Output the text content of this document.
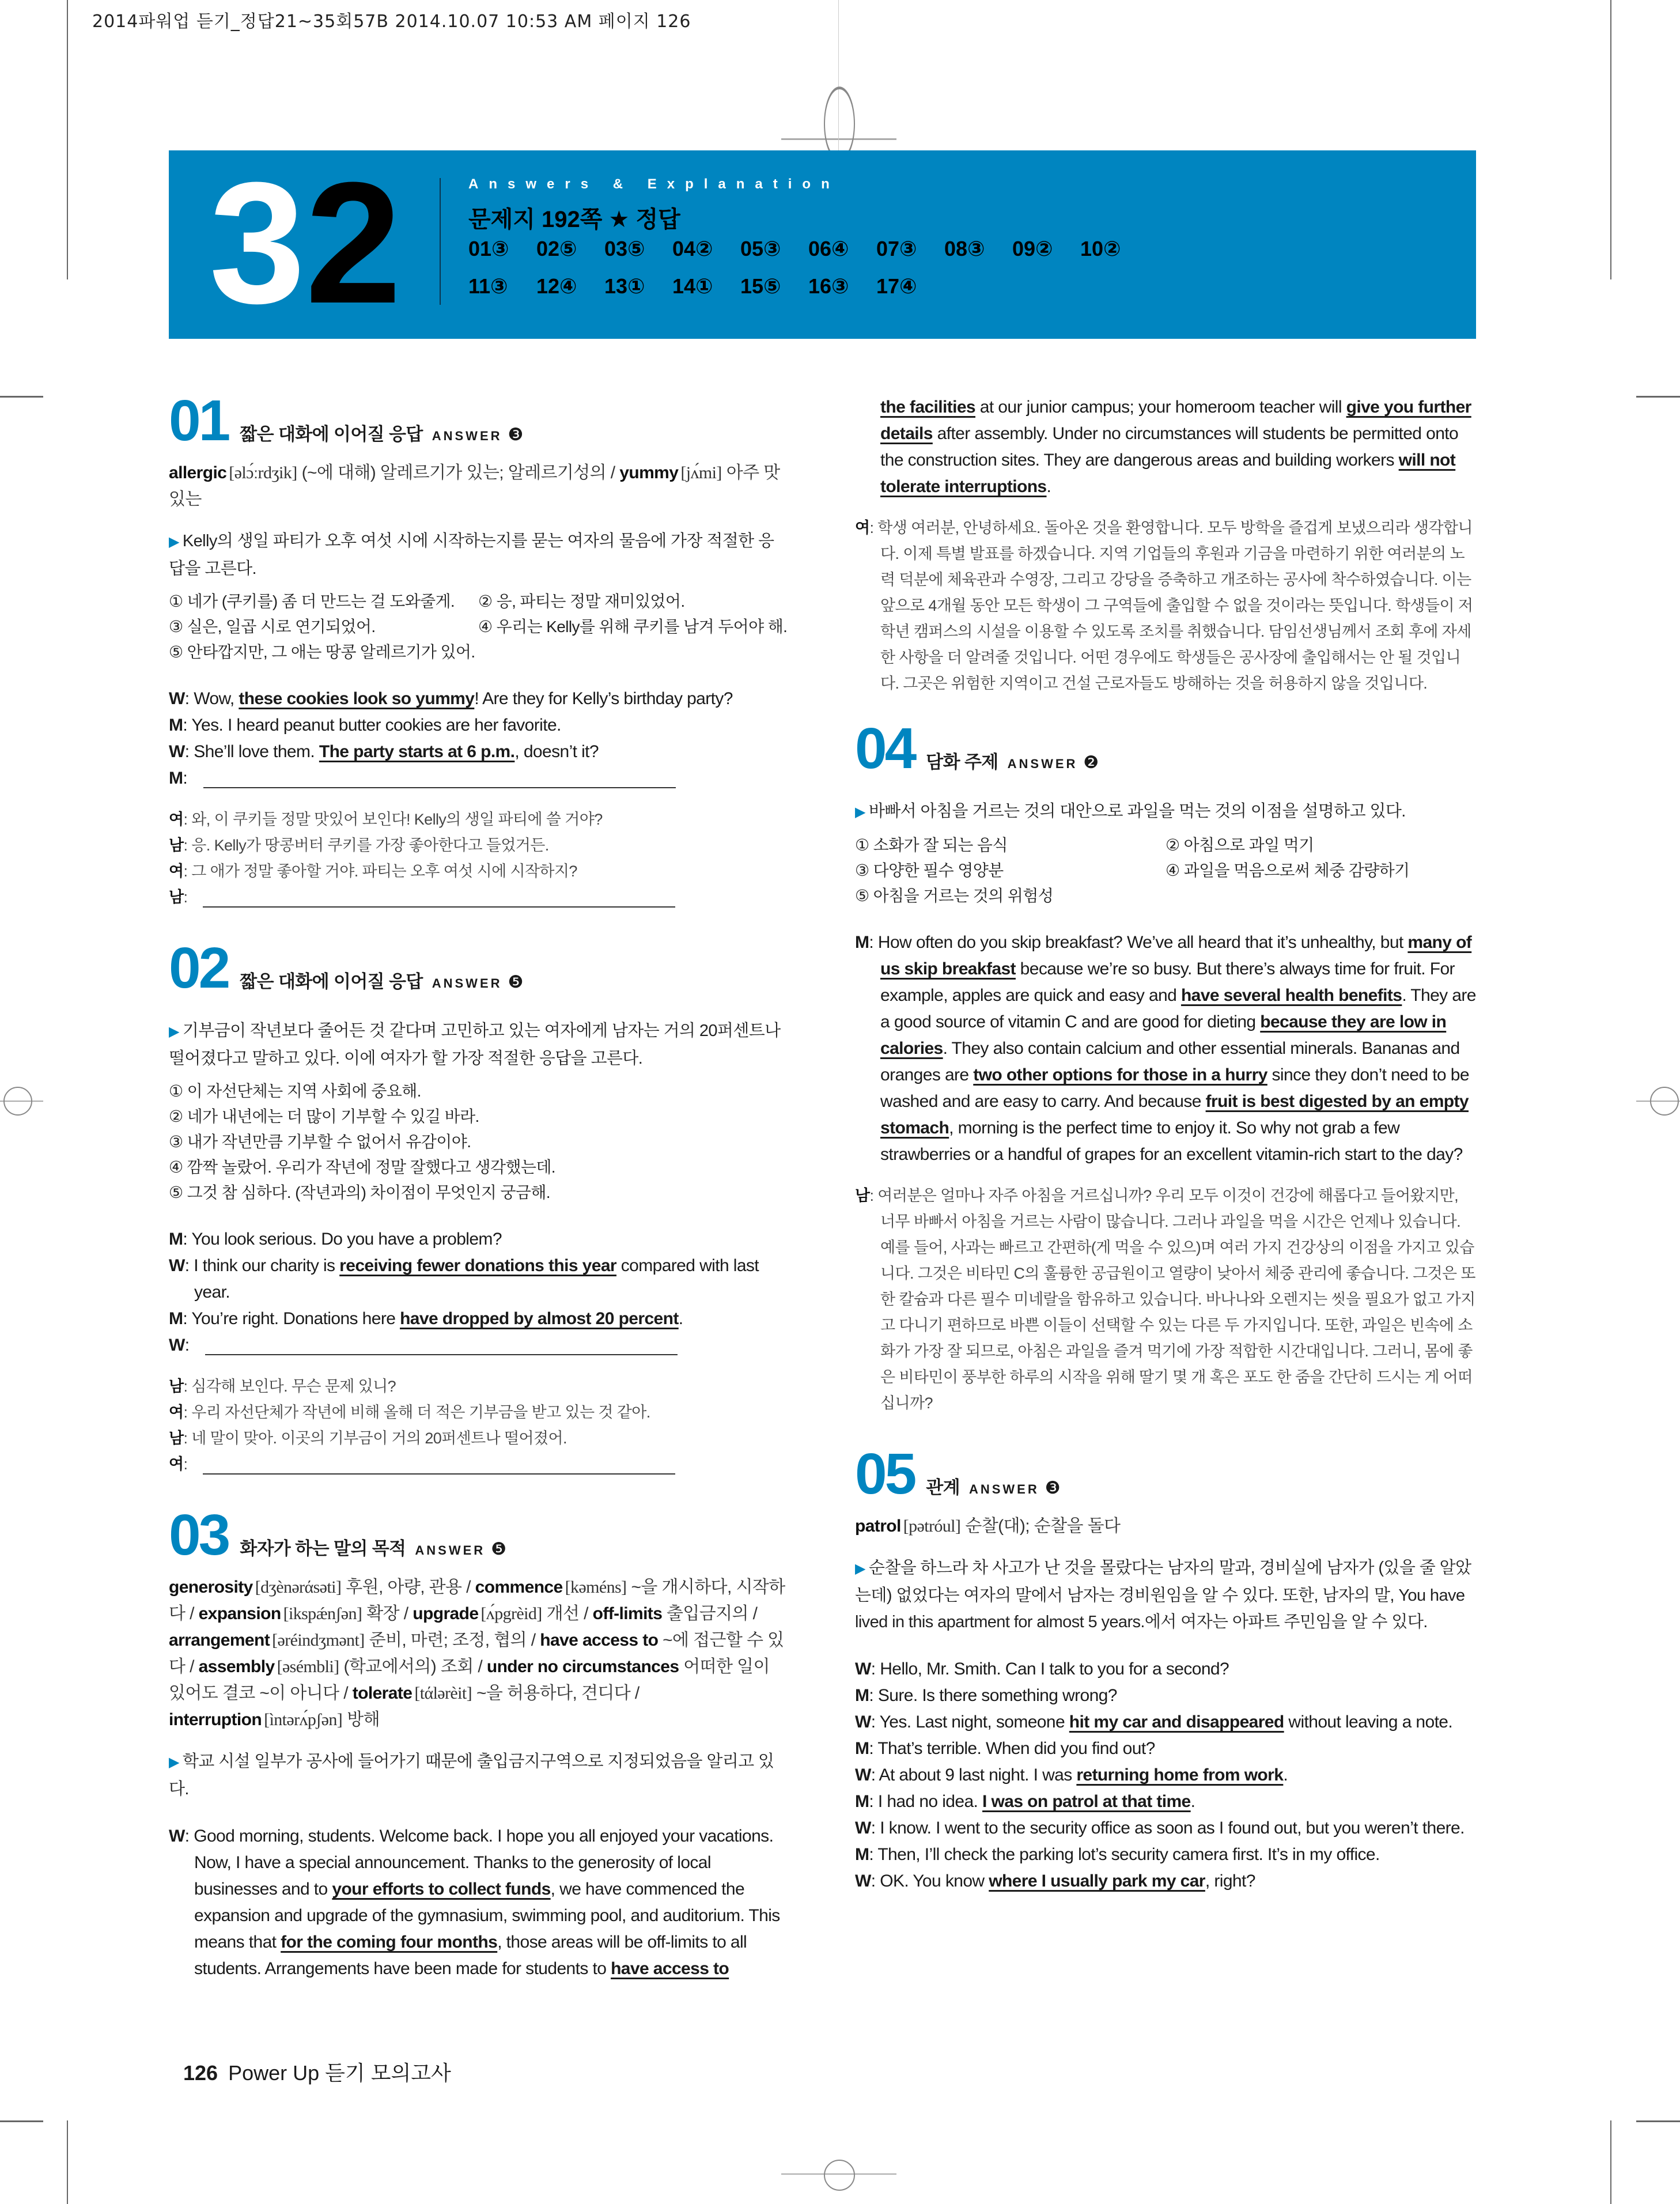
2014파워업 듣기_정답21~35회57B 2014.10.07 10:53 AM 페이지 126
32	Answers & Explanation
문제지 192쪽 ★ 정답
01③	02⑤	03⑤	04②	05③	06④	07③	08③	09②	10②
11③	12④	13①	14①	15⑤	16③	17④
01 짧은 대화에 이어질 응답 ANSWER ❸
allergic [əlɔ́ːrdʒik] (~에 대해) 알레르기가 있는; 알레르기성의 / yummy [jʌ́mi] 아주 맛있는
▶ Kelly의 생일 파티가 오후 여섯 시에 시작하는지를 묻는 여자의 물음에 가장 적절한 응답을 고른다.
① 네가 (쿠키를) 좀 더 만드는 걸 도와줄게.	② 응, 파티는 정말 재미있었어.
③ 실은, 일곱 시로 연기되었어.	④ 우리는 Kelly를 위해 쿠키를 남겨 두어야 해.
⑤ 안타깝지만, 그 애는 땅콩 알레르기가 있어.
W: Wow, these cookies look so yummy! Are they for Kelly’s birthday party?
M: Yes. I heard peanut butter cookies are her favorite.
W: She’ll love them. The party starts at 6 p.m., doesn’t it?
M:
여: 와, 이 쿠키들 정말 맛있어 보인다! Kelly의 생일 파티에 쓸 거야?
남: 응. Kelly가 땅콩버터 쿠키를 가장 좋아한다고 들었거든.
여: 그 애가 정말 좋아할 거야. 파티는 오후 여섯 시에 시작하지?
남:
02 짧은 대화에 이어질 응답 ANSWER ❺
▶ 기부금이 작년보다 줄어든 것 같다며 고민하고 있는 여자에게 남자는 거의 20퍼센트나 떨어졌다고 말하고 있다. 이에 여자가 할 가장 적절한 응답을 고른다.
① 이 자선단체는 지역 사회에 중요해.
② 네가 내년에는 더 많이 기부할 수 있길 바라.
③ 내가 작년만큼 기부할 수 없어서 유감이야.
④ 깜짝 놀랐어. 우리가 작년에 정말 잘했다고 생각했는데.
⑤ 그것 참 심하다. (작년과의) 차이점이 무엇인지 궁금해.
M: You look serious. Do you have a problem?
W: I think our charity is receiving fewer donations this year compared with last year.
M: You’re right. Donations here have dropped by almost 20 percent.
W:
남: 심각해 보인다. 무슨 문제 있니?
여: 우리 자선단체가 작년에 비해 올해 더 적은 기부금을 받고 있는 것 같아.
남: 네 말이 맞아. 이곳의 기부금이 거의 20퍼센트나 떨어졌어.
여:
03 화자가 하는 말의 목적 ANSWER ❺
generosity [dʒènərάsəti] 후원, 아량, 관용 / commence [kəméns] ~을 개시하다, 시작하다 / expansion [ikspǽnʃən] 확장 / upgrade [ʌ́pgrèid] 개선 / off-limits 출입금지의 / arrangement [əréindʒmənt] 준비, 마련; 조정, 협의 / have access to ~에 접근할 수 있다 / assembly [əsémbli] (학교에서의) 조회 / under no circumstances 어떠한 일이 있어도 결코 ~이 아니다 / tolerate [tάlərèit] ~을 허용하다, 견디다 / interruption [ìntərʌ́pʃən] 방해
▶ 학교 시설 일부가 공사에 들어가기 때문에 출입금지구역으로 지정되었음을 알리고 있다.
W: Good morning, students. Welcome back. I hope you all enjoyed your vacations. Now, I have a special announcement. Thanks to the generosity of local businesses and to your efforts to collect funds, we have commenced the expansion and upgrade of the gymnasium, swimming pool, and auditorium. This means that for the coming four months, those areas will be off-limits to all students. Arrangements have been made for students to have access to
the facilities at our junior campus; your homeroom teacher will give you further details after assembly. Under no circumstances will students be permitted onto the construction sites. They are dangerous areas and building workers will not tolerate interruptions.
여: 학생 여러분, 안녕하세요. 돌아온 것을 환영합니다. 모두 방학을 즐겁게 보냈으리라 생각합니다. 이제 특별 발표를 하겠습니다. 지역 기업들의 후원과 기금을 마련하기 위한 여러분의 노력 덕분에 체육관과 수영장, 그리고 강당을 증축하고 개조하는 공사에 착수하였습니다. 이는 앞으로 4개월 동안 모든 학생이 그 구역들에 출입할 수 없을 것이라는 뜻입니다. 학생들이 저학년 캠퍼스의 시설을 이용할 수 있도록 조치를 취했습니다. 담임선생님께서 조회 후에 자세한 사항을 더 알려줄 것입니다. 어떤 경우에도 학생들은 공사장에 출입해서는 안 될 것입니다. 그곳은 위험한 지역이고 건설 근로자들도 방해하는 것을 허용하지 않을 것입니다.
04 담화 주제 ANSWER ❷
▶ 바빠서 아침을 거르는 것의 대안으로 과일을 먹는 것의 이점을 설명하고 있다.
① 소화가 잘 되는 음식	② 아침으로 과일 먹기
③ 다양한 필수 영양분	④ 과일을 먹음으로써 체중 감량하기
⑤ 아침을 거르는 것의 위험성
M: How often do you skip breakfast? We’ve all heard that it’s unhealthy, but many of us skip breakfast because we’re so busy. But there’s always time for fruit. For example, apples are quick and easy and have several health benefits. They are a good source of vitamin C and are good for dieting because they are low in calories. They also contain calcium and other essential minerals. Bananas and oranges are two other options for those in a hurry since they don’t need to be washed and are easy to carry. And because fruit is best digested by an empty stomach, morning is the perfect time to enjoy it. So why not grab a few strawberries or a handful of grapes for an excellent vitamin-rich start to the day?
남: 여러분은 얼마나 자주 아침을 거르십니까? 우리 모두 이것이 건강에 해롭다고 들어왔지만, 너무 바빠서 아침을 거르는 사람이 많습니다. 그러나 과일을 먹을 시간은 언제나 있습니다. 예를 들어, 사과는 빠르고 간편하(게 먹을 수 있으)며 여러 가지 건강상의 이점을 가지고 있습니다. 그것은 비타민 C의 훌륭한 공급원이고 열량이 낮아서 체중 관리에 좋습니다. 그것은 또한 칼슘과 다른 필수 미네랄을 함유하고 있습니다. 바나나와 오렌지는 씻을 필요가 없고 가지고 다니기 편하므로 바쁜 이들이 선택할 수 있는 다른 두 가지입니다. 또한, 과일은 빈속에 소화가 가장 잘 되므로, 아침은 과일을 즐겨 먹기에 가장 적합한 시간대입니다. 그러니, 몸에 좋은 비타민이 풍부한 하루의 시작을 위해 딸기 몇 개 혹은 포도 한 줌을 간단히 드시는 게 어떠십니까?
05 관계 ANSWER ❸
patrol [pətróul] 순찰(대); 순찰을 돌다
▶ 순찰을 하느라 차 사고가 난 것을 몰랐다는 남자의 말과, 경비실에 남자가 (있을 줄 알았는데) 없었다는 여자의 말에서 남자는 경비원임을 알 수 있다. 또한, 남자의 말, You have lived in this apartment for almost 5 years.에서 여자는 아파트 주민임을 알 수 있다.
W: Hello, Mr. Smith. Can I talk to you for a second?
M: Sure. Is there something wrong?
W: Yes. Last night, someone hit my car and disappeared without leaving a note.
M: That’s terrible. When did you find out?
W: At about 9 last night. I was returning home from work.
M: I had no idea. I was on patrol at that time.
W: I know. I went to the security office as soon as I found out, but you weren’t there.
M: Then, I’ll check the parking lot’s security camera first. It’s in my office.
W: OK. You know where I usually park my car, right?
126 Power Up 듣기 모의고사
